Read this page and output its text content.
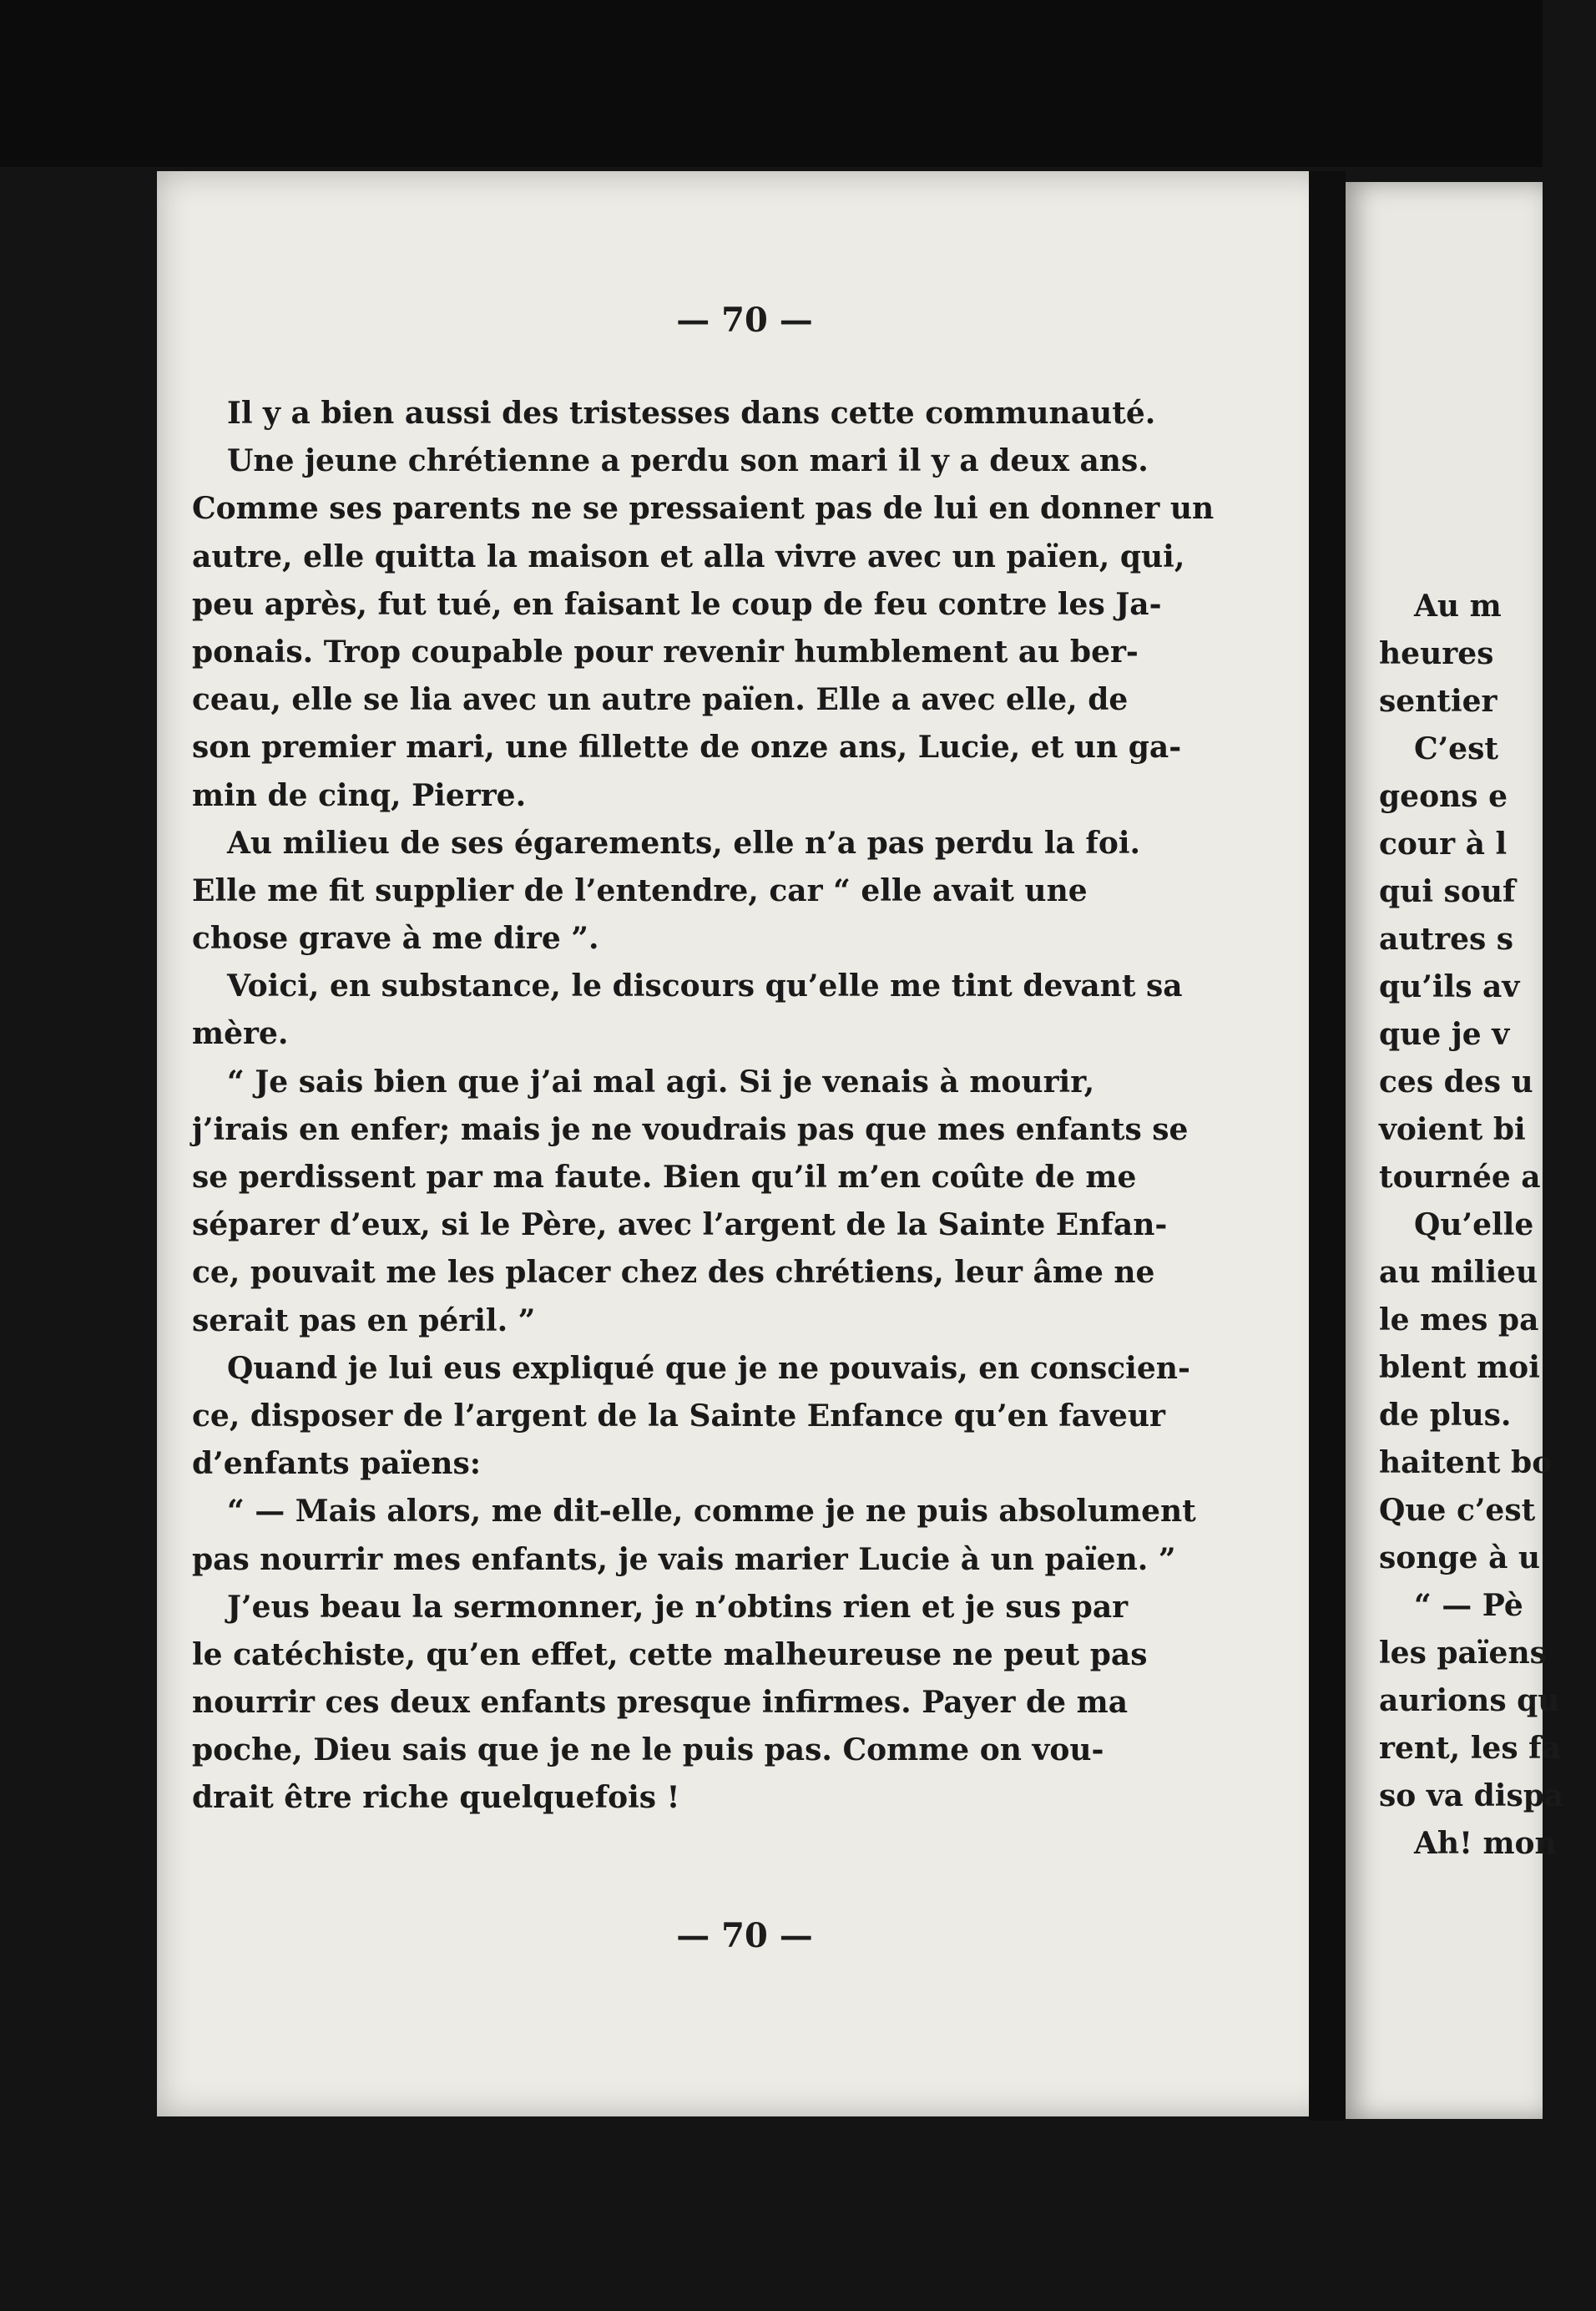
— 70 —
Il y a bien aussi des tristesses dans cette communauté.
Une jeune chrétienne a perdu son mari il y a deux ans.
Comme ses parents ne se pressaient pas de lui en donner un
autre, elle quitta la maison et alla vivre avec un païen, qui,
peu après, fut tué, en faisant le coup de feu contre les Ja-
ponais. Trop coupable pour revenir humblement au ber-
ceau, elle se lia avec un autre païen. Elle a avec elle, de
son premier mari, une fillette de onze ans, Lucie, et un ga-
min de cinq, Pierre.
Au milieu de ses égarements, elle n’a pas perdu la foi.
Elle me fit supplier de l’entendre, car “ elle avait une
chose grave à me dire ”.
Voici, en substance, le discours qu’elle me tint devant sa
mère.
“ Je sais bien que j’ai mal agi. Si je venais à mourir,
j’irais en enfer; mais je ne voudrais pas que mes enfants se
se perdissent par ma faute. Bien qu’il m’en coûte de me
séparer d’eux, si le Père, avec l’argent de la Sainte Enfan-
ce, pouvait me les placer chez des chrétiens, leur âme ne
serait pas en péril. ”
Quand je lui eus expliqué que je ne pouvais, en conscien-
ce, disposer de l’argent de la Sainte Enfance qu’en faveur
d’enfants païens:
“ — Mais alors, me dit-elle, comme je ne puis absolument
pas nourrir mes enfants, je vais marier Lucie à un païen. ”
J’eus beau la sermonner, je n’obtins rien et je sus par
le catéchiste, qu’en effet, cette malheureuse ne peut pas
nourrir ces deux enfants presque infirmes. Payer de ma
poche, Dieu sais que je ne le puis pas. Comme on vou-
drait être riche quelquefois !
— 70 —
Au m
heures
sentier
C’est
geons e
cour à l
qui souf
autres s
qu’ils av
que je v
ces des u
voient bi
tournée a
Qu’elle
au milieu
le mes pa
blent moi
de plus.
haitent bo
Que c’est
songe à u
“ — Pè
les païens
aurions qu
rent, les fa
so va dispa
Ah! mon
